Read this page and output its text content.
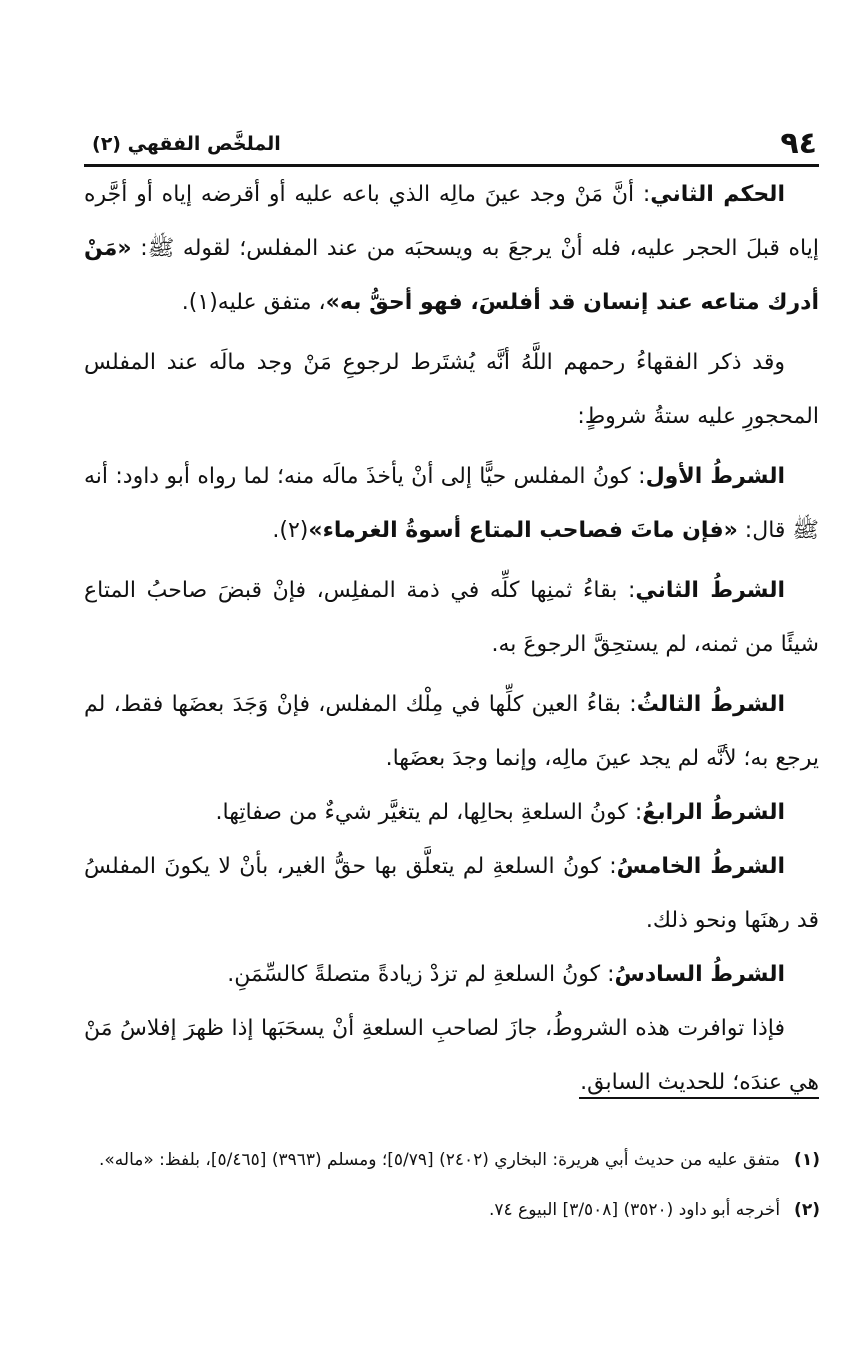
٩٤
الملخَّص الفقهي (٢)

الحكم الثاني: أنَّ مَنْ وجد عينَ مالِه الذي باعه عليه أو أقرضه إياه أو أجَّره إياه قبلَ الحجر عليه، فله أنْ يرجعَ به ويسحبَه من عند المفلس؛ لقوله ﷺ: «مَنْ أدرك متاعه عند إنسان قد أفلسَ، فهو أحقُّ به»، متفق عليه(١).

وقد ذكر الفقهاءُ رحمهم اللَّهُ أنَّه يُشتَرط لرجوعِ مَنْ وجد مالَه عند المفلس المحجورِ عليه ستةُ شروطٍ:

الشرطُ الأول: كونُ المفلس حيًّا إلى أنْ يأخذَ مالَه منه؛ لما رواه أبو داود: أنه ﷺ قال: «فإن ماتَ فصاحب المتاع أسوةُ الغرماء»(٢).

الشرطُ الثاني: بقاءُ ثمنِها كلِّه في ذمة المفلِس، فإنْ قبضَ صاحبُ المتاع شيئًا من ثمنه، لم يستحِقَّ الرجوعَ به.

الشرطُ الثالثُ: بقاءُ العين كلِّها في مِلْك المفلس، فإنْ وَجَدَ بعضَها فقط، لم يرجع به؛ لأنَّه لم يجد عينَ مالِه، وإنما وجدَ بعضَها.

الشرطُ الرابعُ: كونُ السلعةِ بحالِها، لم يتغيَّر شيءٌ من صفاتِها.

الشرطُ الخامسُ: كونُ السلعةِ لم يتعلَّق بها حقُّ الغير، بأنْ لا يكونَ المفلسُ قد رهنَها ونحو ذلك.

الشرطُ السادسُ: كونُ السلعةِ لم تزدْ زيادةً متصلةً كالسِّمَنِ.

فإذا توافرت هذه الشروطُ، جازَ لصاحبِ السلعةِ أنْ يسحَبَها إذا ظهرَ إفلاسُ مَنْ هي عندَه؛ للحديث السابق.

(١)
متفق عليه من حديث أبي هريرة: البخاري (٢٤٠٢) [٥/٧٩]؛ ومسلم (٣٩٦٣) [٥/٤٦٥]، بلفظ: «ماله».

(٢)
أخرجه أبو داود (٣٥٢٠) [٣/٥٠٨] البيوع ٧٤.
